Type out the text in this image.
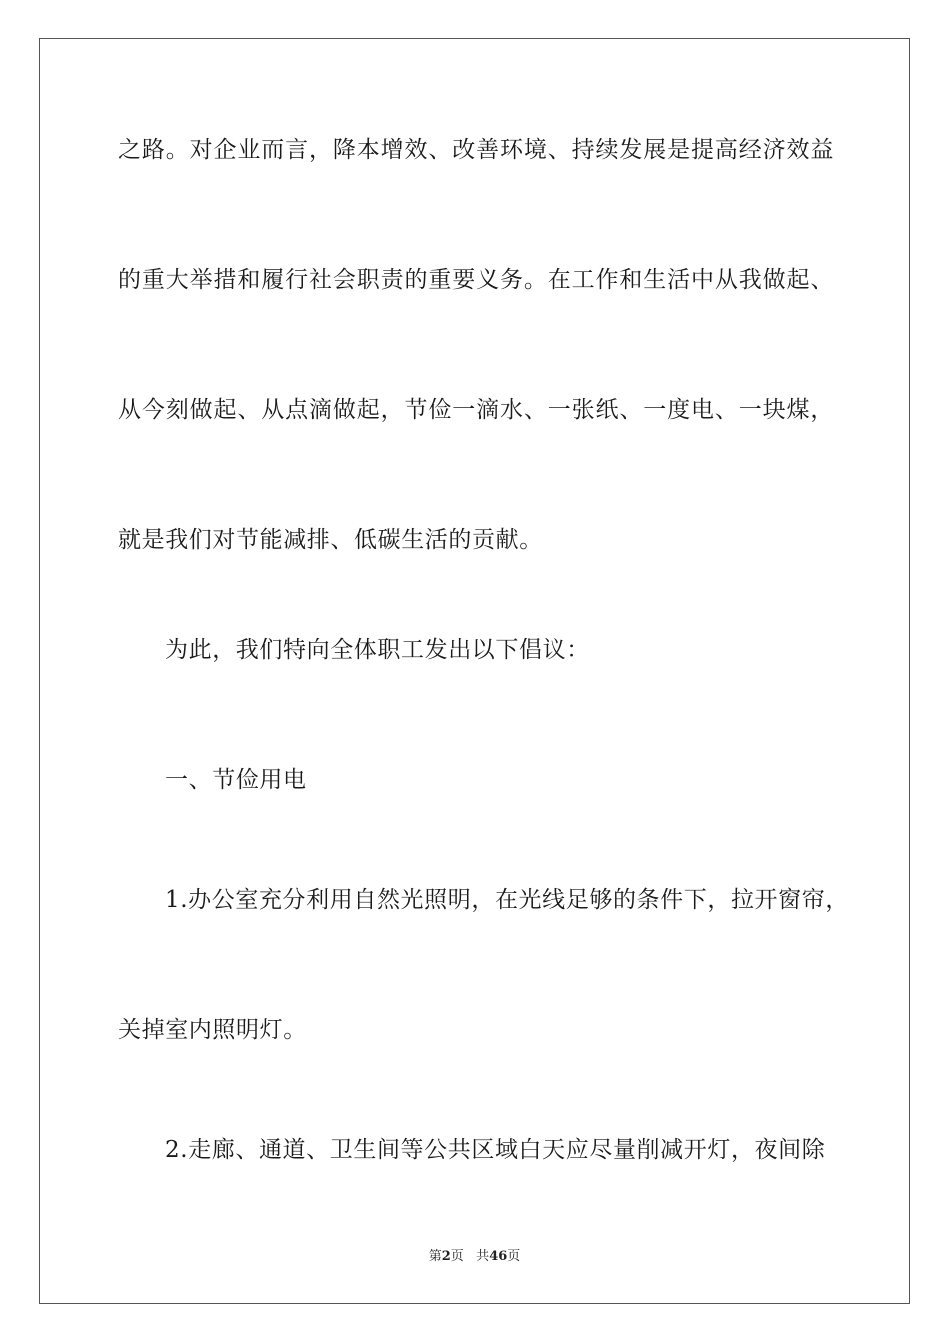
之路。对企业而言，降本增效、改善环境、持续发展是提高经济效益
的重大举措和履行社会职责的重要义务。在工作和生活中从我做起、
从今刻做起、从点滴做起，节俭一滴水、一张纸、一度电、一块煤，
就是我们对节能减排、低碳生活的贡献。
为此，我们特向全体职工发出以下倡议：
一、节俭用电
1.办公室充分利用自然光照明，在光线足够的条件下，拉开窗帘，
关掉室内照明灯。
2.走廊、通道、卫生间等公共区域白天应尽量削减开灯，夜间除
第2页 共46页
